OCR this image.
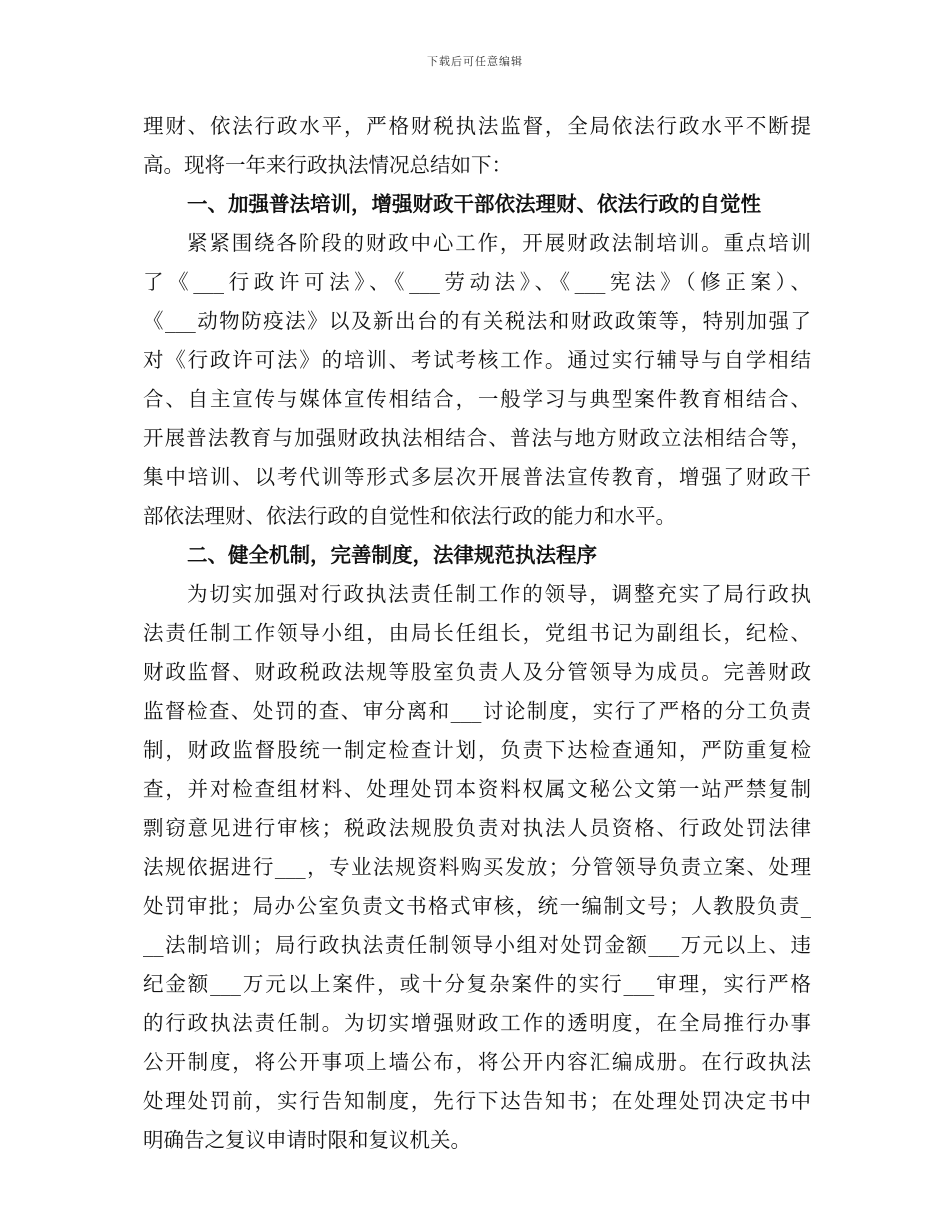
下载后可任意编辑
理财、依法行政水平，严格财税执法监督，全局依法行政水平不断提
高。现将一年来行政执法情况总结如下：
一、加强普法培训，增强财政干部依法理财、依法行政的自觉性
紧紧围绕各阶段的财政中心工作，开展财政法制培训。重点培训
了《___行政许可法》、《___劳动法》、《___宪法》（修正案）、
《___动物防疫法》以及新出台的有关税法和财政政策等，特别加强了
对《行政许可法》的培训、考试考核工作。通过实行辅导与自学相结
合、自主宣传与媒体宣传相结合，一般学习与典型案件教育相结合、
开展普法教育与加强财政执法相结合、普法与地方财政立法相结合等，
集中培训、以考代训等形式多层次开展普法宣传教育，增强了财政干
部依法理财、依法行政的自觉性和依法行政的能力和水平。
二、健全机制，完善制度，法律规范执法程序
为切实加强对行政执法责任制工作的领导，调整充实了局行政执
法责任制工作领导小组，由局长任组长，党组书记为副组长，纪检、
财政监督、财政税政法规等股室负责人及分管领导为成员。完善财政
监督检查、处罚的查、审分离和___讨论制度，实行了严格的分工负责
制，财政监督股统一制定检查计划，负责下达检查通知，严防重复检
查，并对检查组材料、处理处罚本资料权属文秘公文第一站严禁复制
剽窃意见进行审核；税政法规股负责对执法人员资格、行政处罚法律
法规依据进行___，专业法规资料购买发放；分管领导负责立案、处理
处罚审批；局办公室负责文书格式审核，统一编制文号；人教股负责_
__法制培训；局行政执法责任制领导小组对处罚金额___万元以上、违
纪金额___万元以上案件，或十分复杂案件的实行___审理，实行严格
的行政执法责任制。为切实增强财政工作的透明度，在全局推行办事
公开制度，将公开事项上墙公布，将公开内容汇编成册。在行政执法
处理处罚前，实行告知制度，先行下达告知书；在处理处罚决定书中
明确告之复议申请时限和复议机关。
